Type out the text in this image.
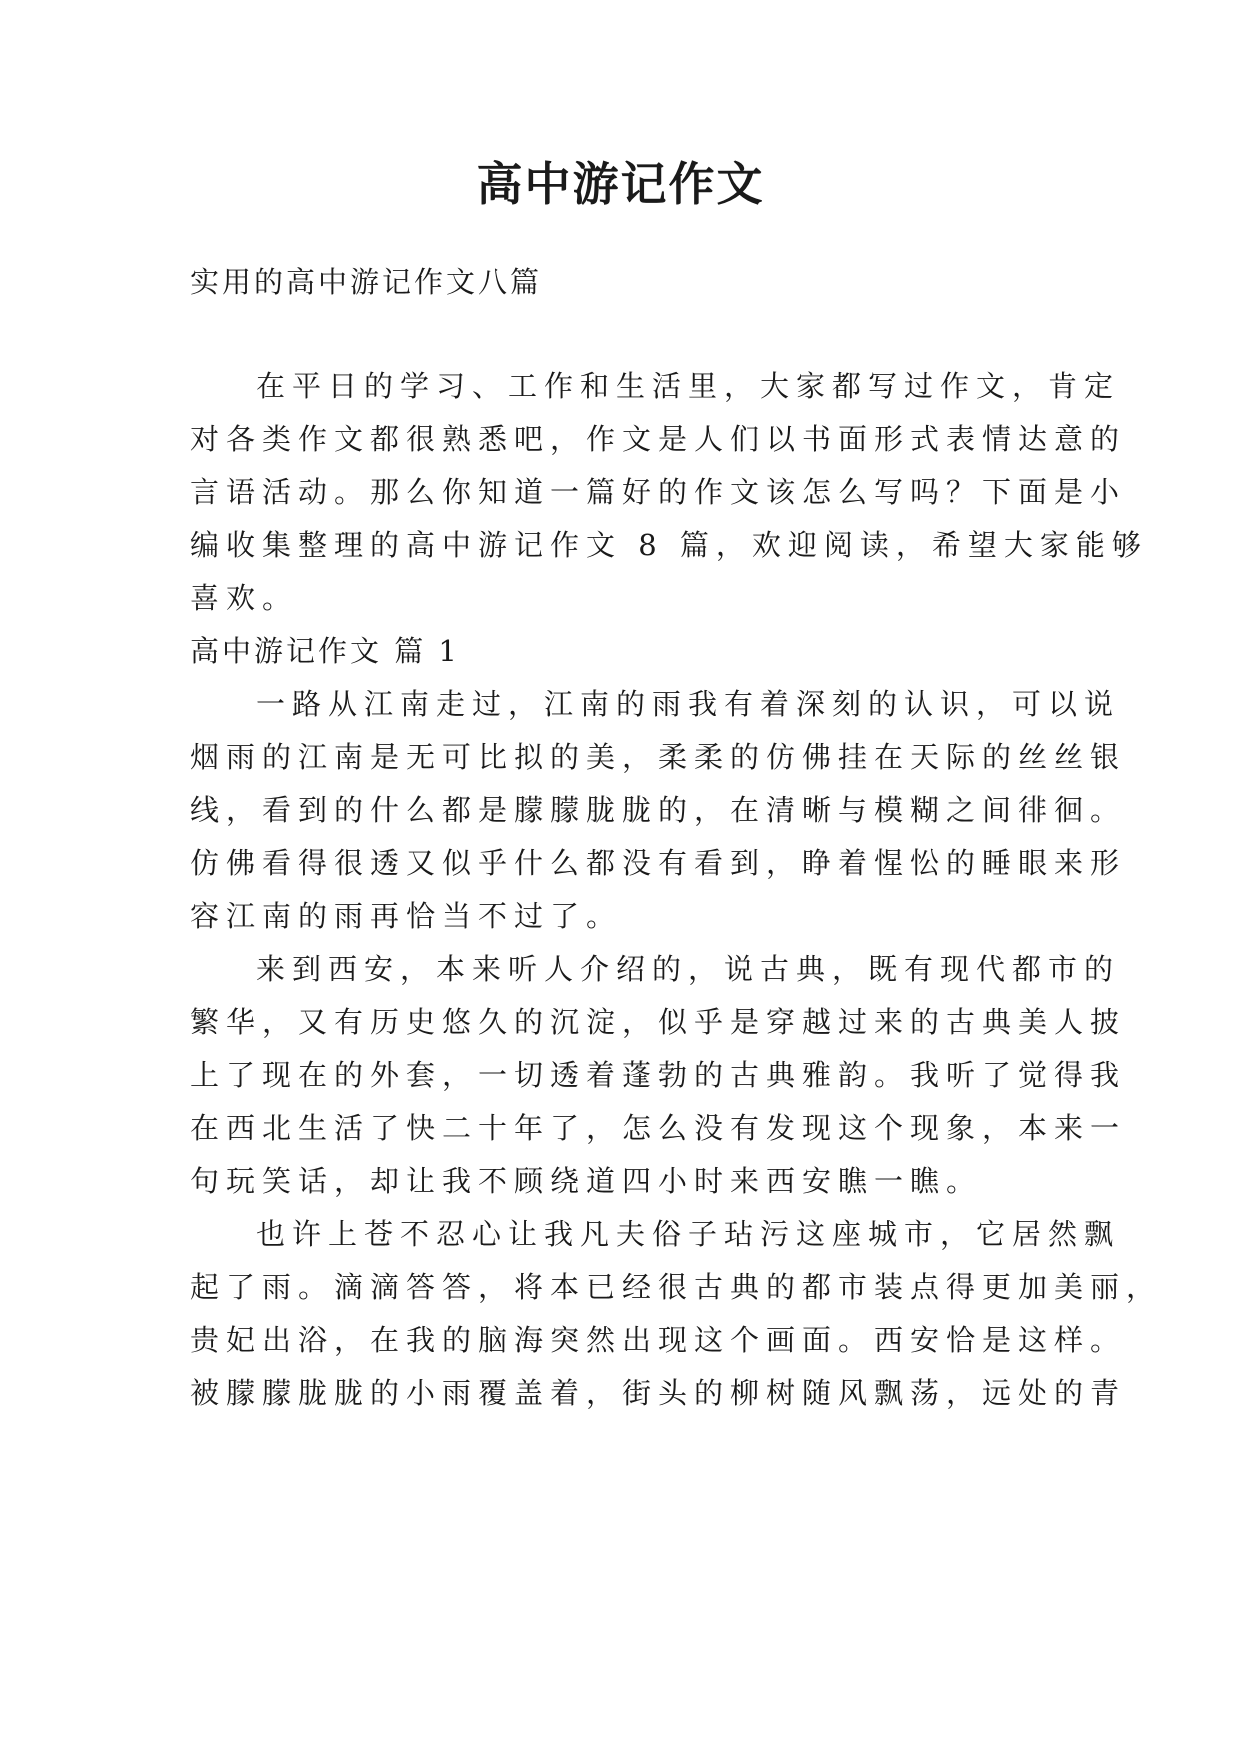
高中游记作文
实用的高中游记作文八篇
在平日的学习、工作和生活里，大家都写过作文，肯定
对各类作文都很熟悉吧，作文是人们以书面形式表情达意的
言语活动。那么你知道一篇好的作文该怎么写吗？下面是小
编收集整理的高中游记作文 8 篇，欢迎阅读，希望大家能够
喜欢。
高中游记作文 篇 1
一路从江南走过，江南的雨我有着深刻的认识，可以说
烟雨的江南是无可比拟的美，柔柔的仿佛挂在天际的丝丝银
线，看到的什么都是朦朦胧胧的，在清晰与模糊之间徘徊。
仿佛看得很透又似乎什么都没有看到，睁着惺忪的睡眼来形
容江南的雨再恰当不过了。
来到西安，本来听人介绍的，说古典，既有现代都市的
繁华，又有历史悠久的沉淀，似乎是穿越过来的古典美人披
上了现在的外套，一切透着蓬勃的古典雅韵。我听了觉得我
在西北生活了快二十年了，怎么没有发现这个现象，本来一
句玩笑话，却让我不顾绕道四小时来西安瞧一瞧。
也许上苍不忍心让我凡夫俗子玷污这座城市，它居然飘
起了雨。滴滴答答，将本已经很古典的都市装点得更加美丽，
贵妃出浴，在我的脑海突然出现这个画面。西安恰是这样。
被朦朦胧胧的小雨覆盖着，街头的柳树随风飘荡，远处的青
